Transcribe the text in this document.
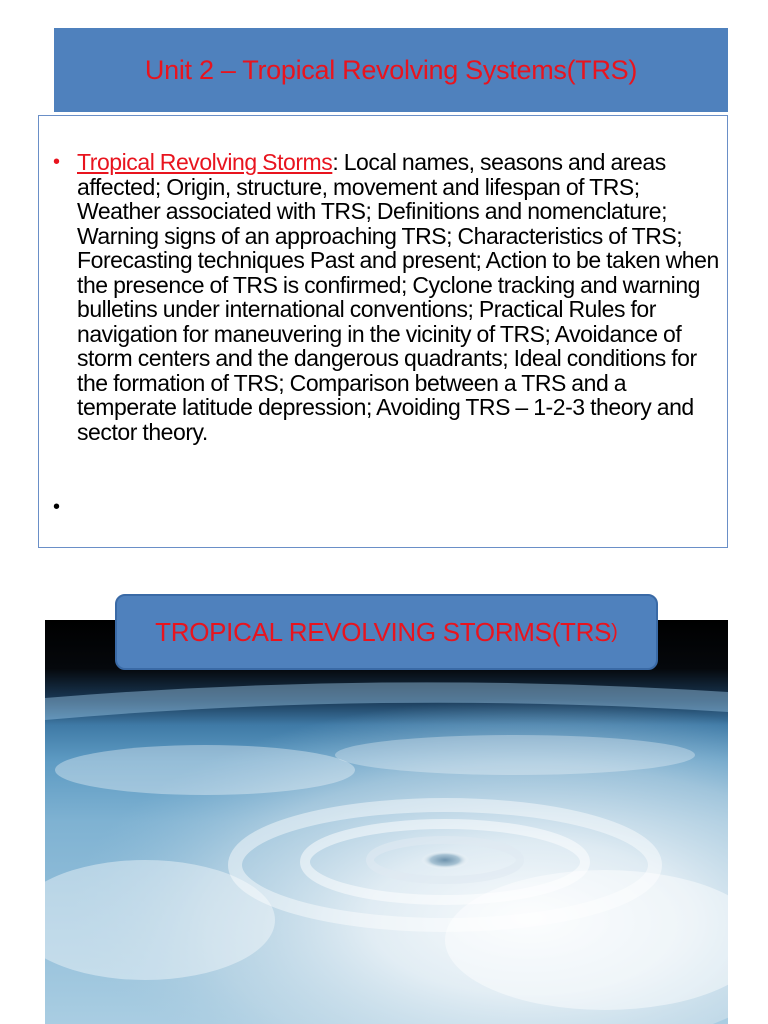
Unit 2 – Tropical Revolving Systems(TRS)
• Tropical Revolving Storms: Local names, seasons and areas affected; Origin, structure, movement and lifespan of TRS; Weather associated with TRS; Definitions and nomenclature; Warning signs of an approaching TRS; Characteristics of TRS; Forecasting techniques Past and present; Action to be taken when the presence of TRS is confirmed; Cyclone tracking and warning bulletins under international conventions; Practical Rules for navigation for maneuvering in the vicinity of TRS; Avoidance of storm centers and the dangerous quadrants; Ideal conditions for the formation of TRS; Comparison between a TRS and a temperate latitude depression; Avoiding TRS – 1-2-3 theory and sector theory.
•
TROPICAL REVOLVING STORMS(TRS )
